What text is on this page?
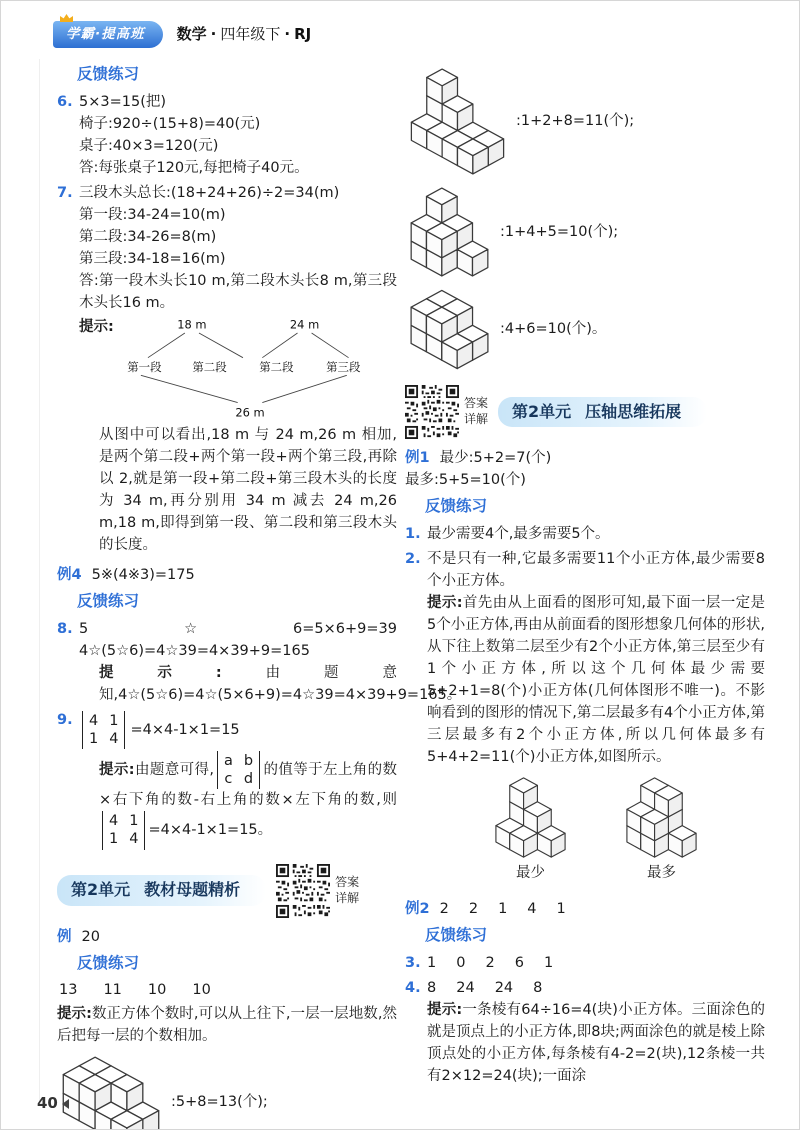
学霸·提高班	数学 · 四年级下 · RJ
反馈练习
6. 5×3=15(把)
椅子:920÷(15+8)=40(元)
桌子:40×3=120(元)
答:每张桌子120元,每把椅子40元。
7. 三段木头总长:(18+24+26)÷2=34(m)
第一段:34-24=10(m)
第二段:34-26=8(m)
第三段:34-18=16(m)
答:第一段木头长10 m,第二段木头长8 m,第三段木头长16 m。
提示:	18 m	24 m
第一段 第二段	第二段	第三段
26 m

从图中可以看出,18 m 与 24 m,26 m 相加,是两个第二段+两个第一段+两个第三段,再除以 2,就是第一段+第二段+第三段木头的长度为 34 m,再分别用 34 m 减去 24 m,26 m,18 m,即得到第一段、第二段和第三段木头的长度。

例4 5※(4※3)=175
反馈练习
8. 5☆6=5×6+9=39　4☆(5☆6)=4☆39=4×39+9=165

提示:由题意知,4☆(5☆6)=4☆(5×6+9)=4☆39=4×39+9=165。

9.	4 1
1 4
=4×4-1×1=15

提示:由题意可得,
a b
c d
的值等于左上角的数×右下角的数-右上角的数×左下角的数,则
4 1
1 4
=4×4-1×1=15。

第2单元 教材母题精析	答案
详解
例 20
反馈练习
13 11 10 10

提示:数正方体个数时,可以从上往下,一层一层地数,然后把每一层的个数相加。

:5+8=13(个);
:1+2+8=11(个);
:1+4+5=10(个);
:4+6=10(个)。
答案
详解 第2单元 压轴思维拓展
例1 最少:5+2=7(个)
最多:5+5=10(个)
反馈练习
1. 最少需要4个,最多需要5个。
2. 不是只有一种,它最多需要11个小正方体,最少需要8个小正方体。

提示:首先由从上面看的图形可知,最下面一层一定是5个小正方体,再由从前面看的图形想象几何体的形状,从下往上数第二层至少有2个小正方体,第三层至少有1个小正方体,所以这个几何体最少需要5+2+1=8(个)小正方体(几何体图形不唯一)。不影响看到的图形的情况下,第二层最多有4个小正方体,第三层最多有2个小正方体,所以几何体最多有5+4+2=11(个)小正方体,如图所示。

最少	最多
例2 2 2 1 4 1
反馈练习
3. 1 0 2 6 1
4. 8 24 24 8

提示:一条棱有64÷16=4(块)小正方体。三面涂色的就是顶点上的小正方体,即8块;两面涂色的就是棱上除顶点处的小正方体,每条棱有4-2=2(块),12条棱一共有2×12=24(块);一面涂

40
